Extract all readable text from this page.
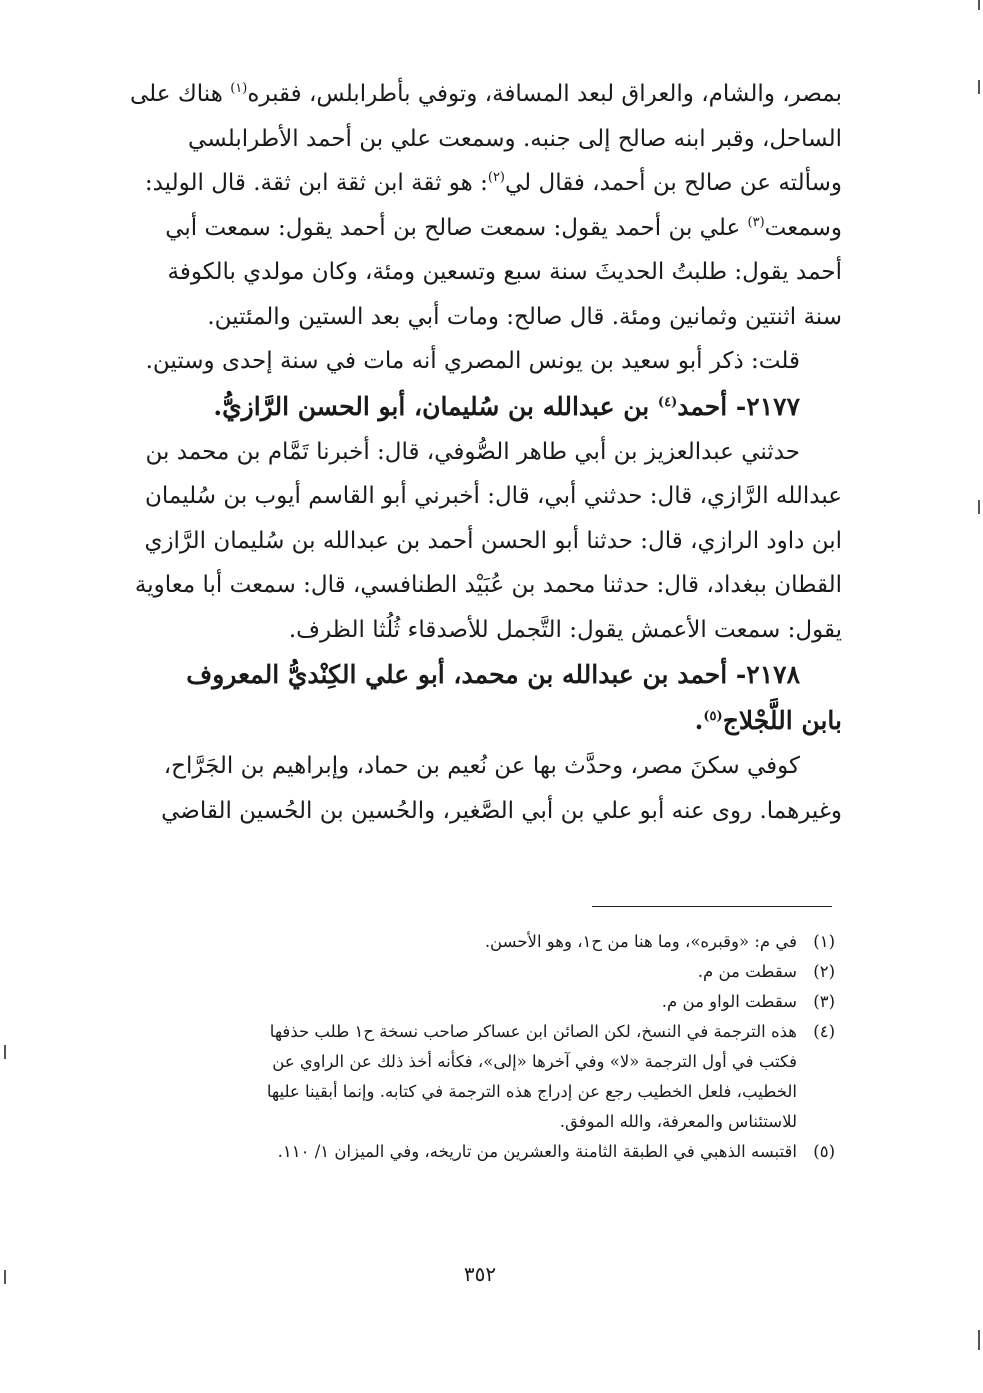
بمصر، والشام، والعراق لبعد المسافة، وتوفي بأطرابلس، فقبره$^{(١)}$ هناك على
الساحل، وقبر ابنه صالح إلى جنبه. وسمعت علي بن أحمد الأطرابلسي
وسألته عن صالح بن أحمد، فقال لي$^{(٢)}$: هو ثقة ابن ثقة ابن ثقة. قال الوليد:
وسمعت$^{(٣)}$ علي بن أحمد يقول: سمعت صالح بن أحمد يقول: سمعت أبي
أحمد يقول: طلبتُ الحديثَ سنة سبع وتسعين ومئة، وكان مولدي بالكوفة
سنة اثنتين وثمانين ومئة. قال صالح: ومات أبي بعد الستين والمئتين.
قلت: ذكر أبو سعيد بن يونس المصري أنه مات في سنة إحدى وستين.
٢١٧٧- أحمد$^{(٤)}$ بن عبدالله بن سُليمان، أبو الحسن الرَّازيُّ.
حدثني عبدالعزيز بن أبي طاهر الصُّوفي، قال: أخبرنا تَمَّام بن محمد بن
عبدالله الرَّازي، قال: حدثني أبي، قال: أخبرني أبو القاسم أيوب بن سُليمان
ابن داود الرازي، قال: حدثنا أبو الحسن أحمد بن عبدالله بن سُليمان الرَّازي
القطان ببغداد، قال: حدثنا محمد بن عُبَيْد الطنافسي، قال: سمعت أبا معاوية
يقول: سمعت الأعمش يقول: التَّجمل للأصدقاء ثُلُثا الظرف.
٢١٧٨- أحمد بن عبدالله بن محمد، أبو علي الكِنْديُّ المعروف
بابن اللَّجْلاج$^{(٥)}$.
كوفي سكنَ مصر، وحدَّث بها عن نُعيم بن حماد، وإبراهيم بن الجَرَّاح،
وغيرهما. روى عنه أبو علي بن أبي الصَّغير، والحُسين بن الحُسين القاضي
(١)
في م: «وقبره»، وما هنا من ح١، وهو الأحسن.
(٢)
سقطت من م.
(٣)
سقطت الواو من م.
(٤)
هذه الترجمة في النسخ، لكن الصائن ابن عساكر صاحب نسخة ح١ طلب حذفها
فكتب في أول الترجمة «لا» وفي آخرها «إلى»، فكأنه أخذ ذلك عن الراوي عن
الخطيب، فلعل الخطيب رجع عن إدراج هذه الترجمة في كتابه. وإنما أبقينا عليها
للاستئناس والمعرفة، والله الموفق.
(٥)
اقتبسه الذهبي في الطبقة الثامنة والعشرين من تاريخه، وفي الميزان ١/ ١١٠.
٣٥٢
